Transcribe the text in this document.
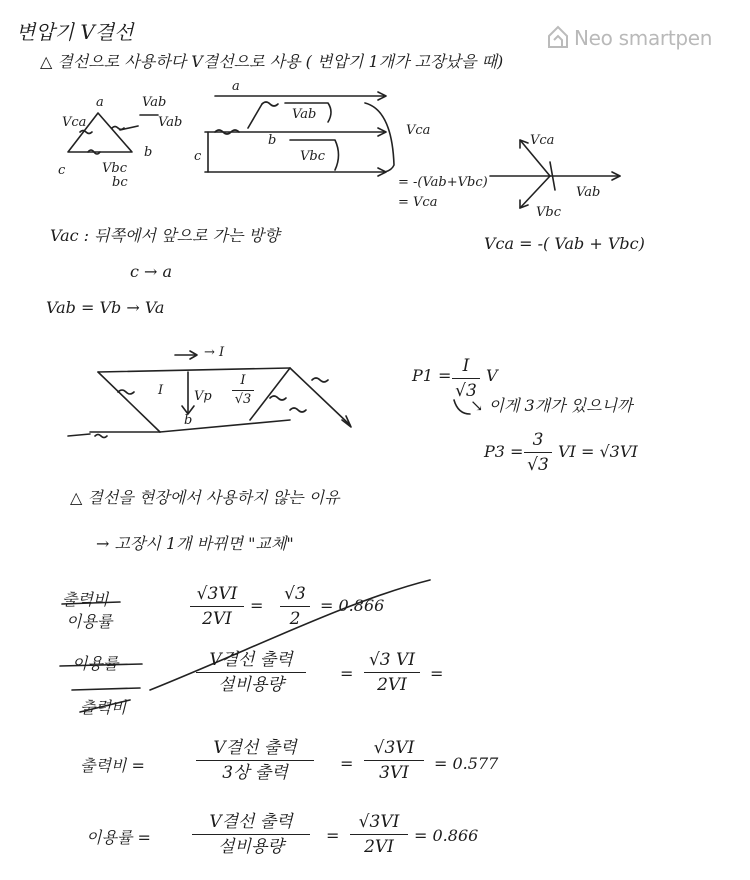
Neo smartpen
변압기 V결선
△ 결선으로 사용하다 V결선으로 사용 ( 변압기 1개가 고장났을 때)
a
Vca
Vab
Vab
b
c	Vbc
bc
a
b
c
Vab
Vbc
Vca
= -(Vab+Vbc)
= Vca
Vca
Vab
Vbc
Vca = -( Vab + Vbc)
Vac : 뒤쪽에서 앞으로 가는 방향
c → a
Vab = Vb → Va
→ I
I Vp
b
I
√3
P1 = I
√3
V
↘ 이게 3개가 있으니까
P3 =
3
√3
VI = √3VI
△ 결선을 현장에서 사용하지 않는 이유
→ 고장시 1개 바뀌면 "교체"
출력비
이용률
√3VI
2VI
=
√3
2
= 0.866
이용률
출력비
V결선 출력
설비용량
=
√3 VI
2VI
=
출력비 =
V결선 출력
3상 출력	=
√3VI
3VI	= 0.577
이용률 =
V결선 출력
설비용량
=
√3VI
2VI
= 0.866
